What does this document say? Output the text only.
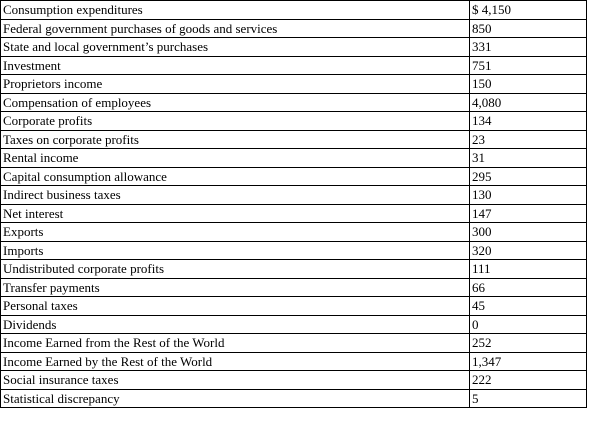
Consumption expenditures	$ 4,150
Federal government purchases of goods and services	850
State and local government’s purchases	331
Investment	751
Proprietors income	150
Compensation of employees	4,080
Corporate profits	134
Taxes on corporate profits	23
Rental income	31
Capital consumption allowance	295
Indirect business taxes	130
Net interest	147
Exports	300
Imports	320
Undistributed corporate profits	111
Transfer payments	66
Personal taxes	45
Dividends	0
Income Earned from the Rest of the World	252
Income Earned by the Rest of the World	1,347
Social insurance taxes	222
Statistical discrepancy	5
